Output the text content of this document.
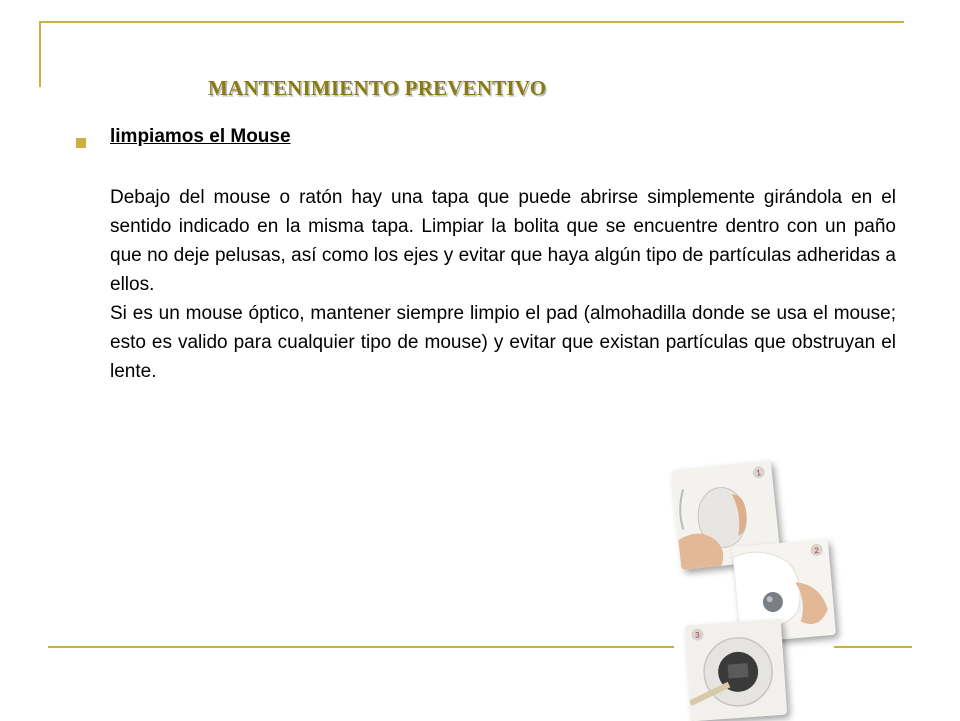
MANTENIMIENTO PREVENTIVO
limpiamos el Mouse

Debajo del mouse o ratón hay una tapa que puede abrirse simplemente girándola en el sentido indicado en la misma tapa. Limpiar la bolita que se encuentre dentro con un paño que no deje pelusas, así como los ejes y evitar que haya algún tipo de partículas adheridas a ellos.

Si es un mouse óptico, mantener siempre limpio el pad (almohadilla donde se usa el mouse; esto es valido para cualquier tipo de mouse) y evitar que existan partículas que obstruyan el lente.

1
2
3
